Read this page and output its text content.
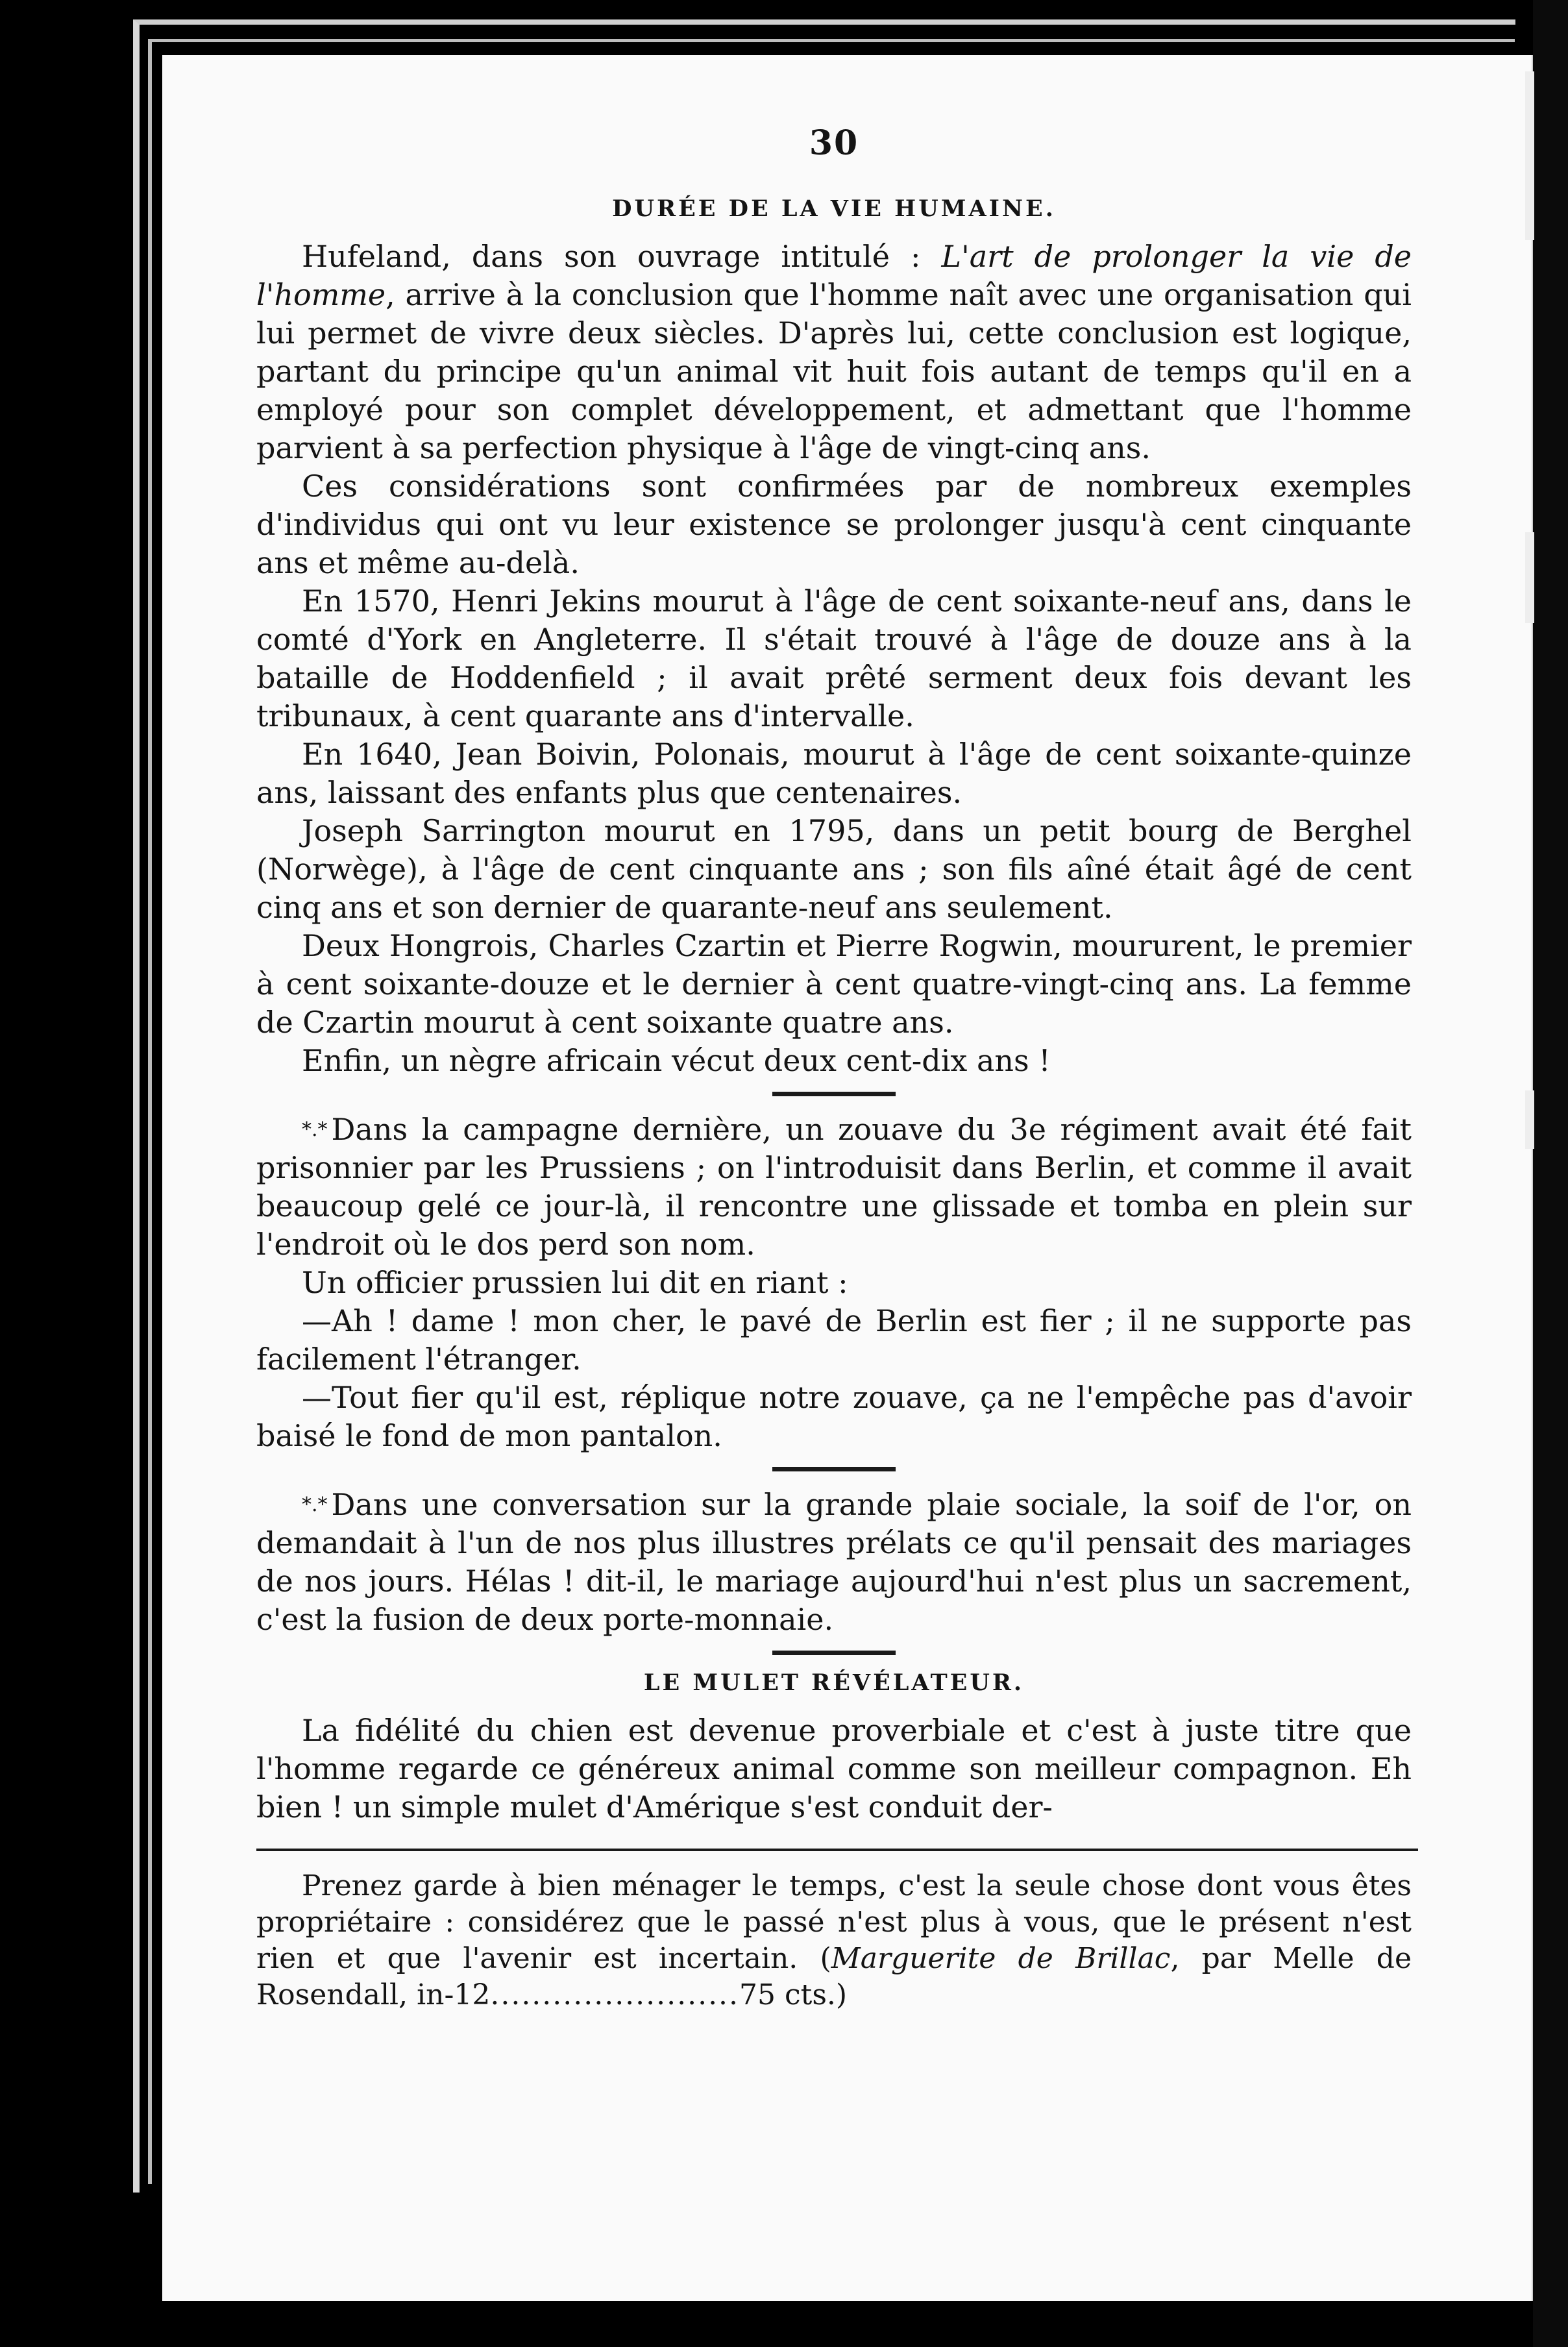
30
DURÉE DE LA VIE HUMAINE.

Hufeland, dans son ouvrage intitulé : L'art de prolonger la vie de l'homme, arrive à la conclusion que l'homme naît avec une organisation qui lui permet de vivre deux siècles. D'après lui, cette conclusion est logique, partant du principe qu'un animal vit huit fois autant de temps qu'il en a employé pour son complet développement, et admettant que l'homme parvient à sa perfection physique à l'âge de vingt-cinq ans.

Ces considérations sont confirmées par de nombreux exemples d'individus qui ont vu leur existence se prolonger jusqu'à cent cinquante ans et même au-delà.

En 1570, Henri Jekins mourut à l'âge de cent soixante-neuf ans, dans le comté d'York en Angleterre. Il s'était trouvé à l'âge de douze ans à la bataille de Hoddenfield ; il avait prêté serment deux fois devant les tribunaux, à cent quarante ans d'intervalle.

En 1640, Jean Boivin, Polonais, mourut à l'âge de cent soixante-quinze ans, laissant des enfants plus que centenaires.

Joseph Sarrington mourut en 1795, dans un petit bourg de Berghel (Norwège), à l'âge de cent cinquante ans ; son fils aîné était âgé de cent cinq ans et son dernier de quarante-neuf ans seulement.

Deux Hongrois, Charles Czartin et Pierre Rogwin, moururent, le premier à cent soixante-douze et le dernier à cent quatre-vingt-cinq ans. La femme de Czartin mourut à cent soixante quatre ans.

Enfin, un nègre africain vécut deux cent-dix ans !

*.* Dans la campagne dernière, un zouave du 3e régiment avait été fait prisonnier par les Prussiens ; on l'introduisit dans Berlin, et comme il avait beaucoup gelé ce jour-là, il rencontre une glissade et tomba en plein sur l'endroit où le dos perd son nom.

Un officier prussien lui dit en riant :

—Ah ! dame ! mon cher, le pavé de Berlin est fier ; il ne supporte pas facilement l'étranger.

—Tout fier qu'il est, réplique notre zouave, ça ne l'empêche pas d'avoir baisé le fond de mon pantalon.

*.* Dans une conversation sur la grande plaie sociale, la soif de l'or, on demandait à l'un de nos plus illustres prélats ce qu'il pensait des mariages de nos jours. Hélas ! dit-il, le mariage aujourd'hui n'est plus un sacrement, c'est la fusion de deux porte-monnaie.

LE MULET RÉVÉLATEUR.

La fidélité du chien est devenue proverbiale et c'est à juste titre que l'homme regarde ce généreux animal comme son meilleur compagnon. Eh bien ! un simple mulet d'Amérique s'est conduit der-

Prenez garde à bien ménager le temps, c'est la seule chose dont vous êtes propriétaire : considérez que le passé n'est plus à vous, que le présent n'est rien et que l'avenir est incertain. (Marguerite de Brillac, par Melle de Rosendall, in-12........................75 cts.)
